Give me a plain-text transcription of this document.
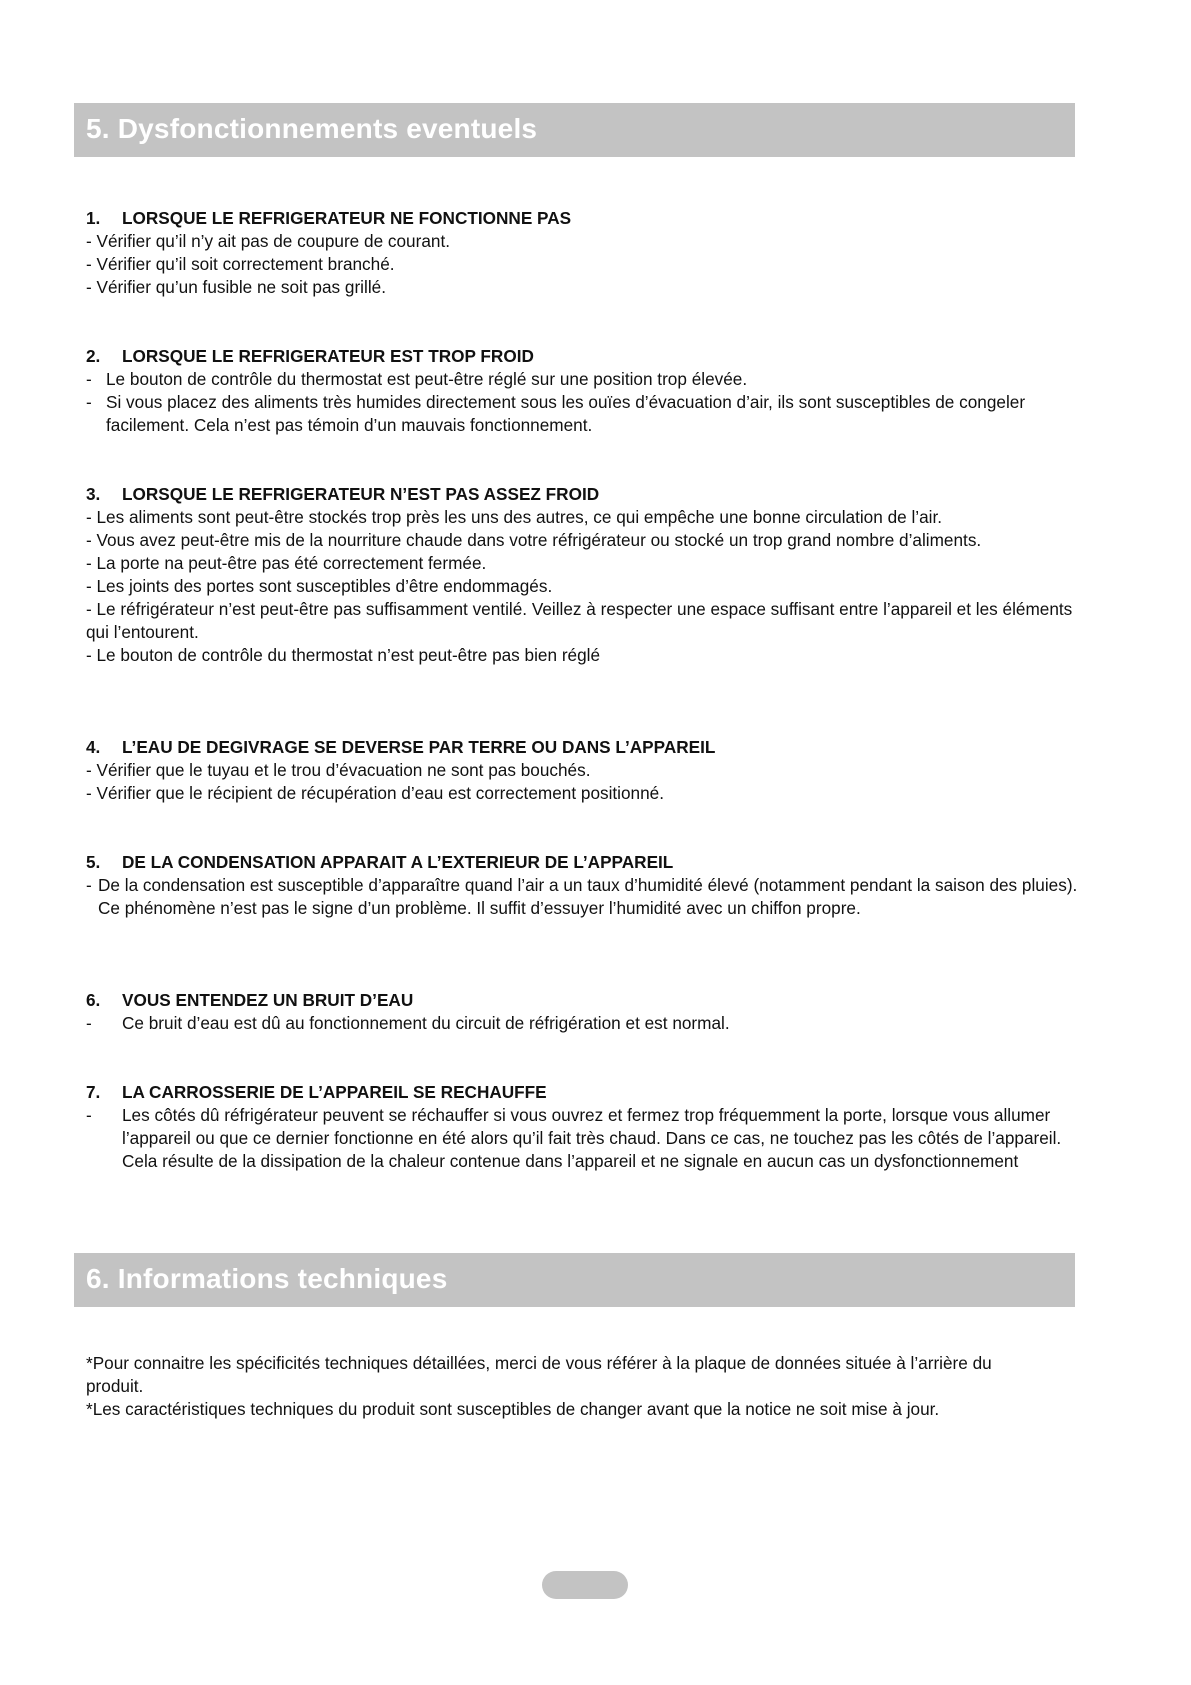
5. Dysfonctionnements eventuels
1.	LORSQUE LE REFRIGERATEUR NE FONCTIONNE PAS
- Vérifier qu’il n’y ait pas de coupure de courant.
- Vérifier qu’il soit correctement branché.
- Vérifier qu’un fusible ne soit pas grillé.
2.	LORSQUE LE REFRIGERATEUR EST TROP FROID
- Le bouton de contrôle du thermostat est peut-être réglé sur une position trop élevée.
- Si vous placez des aliments très humides directement sous les ouïes d’évacuation d’air, ils sont susceptibles de congeler facilement. Cela n’est pas témoin d’un mauvais fonctionnement.
3.	LORSQUE LE REFRIGERATEUR N’EST PAS ASSEZ FROID
- Les aliments sont peut-être stockés trop près les uns des autres, ce qui empêche une bonne circulation de l’air.
- Vous avez peut-être mis de la nourriture chaude dans votre réfrigérateur ou stocké un trop grand nombre d’aliments.
- La porte na peut-être pas été correctement fermée.
- Les joints des portes sont susceptibles d’être endommagés.
- Le réfrigérateur n’est peut-être pas suffisamment ventilé. Veillez à respecter une espace suffisant entre l’appareil et les éléments qui l’entourent.
- Le bouton de contrôle du thermostat n’est peut-être pas bien réglé
4.	L’EAU DE DEGIVRAGE SE DEVERSE PAR TERRE OU DANS L’APPAREIL
- Vérifier que le tuyau et le trou d’évacuation ne sont pas bouchés.
- Vérifier que le récipient de récupération d’eau est correctement positionné.
5.	DE LA CONDENSATION APPARAIT A L’EXTERIEUR DE L’APPAREIL
- De la condensation est susceptible d’apparaître quand l’air a un taux d’humidité élevé (notamment pendant la saison des pluies). Ce phénomène n’est pas le signe d’un problème. Il suffit d’essuyer l’humidité avec un chiffon propre.
6.	VOUS ENTENDEZ UN BRUIT D’EAU
-	Ce bruit d’eau est dû au fonctionnement du circuit de réfrigération et est normal.
7.	LA CARROSSERIE DE L’APPAREIL SE RECHAUFFE
-	Les côtés dû réfrigérateur peuvent se réchauffer si vous ouvrez et fermez trop fréquemment la porte, lorsque vous allumer l’appareil ou que ce dernier fonctionne en été alors qu’il fait très chaud. Dans ce cas, ne touchez pas les côtés de l’appareil. Cela résulte de la dissipation de la chaleur contenue dans l’appareil et ne signale en aucun cas un dysfonctionnement
6. Informations techniques
*Pour connaitre les spécificités techniques détaillées, merci de vous référer à la plaque de données située à l’arrière du produit.
*Les caractéristiques techniques du produit sont susceptibles de changer avant que la notice ne soit mise à jour.
